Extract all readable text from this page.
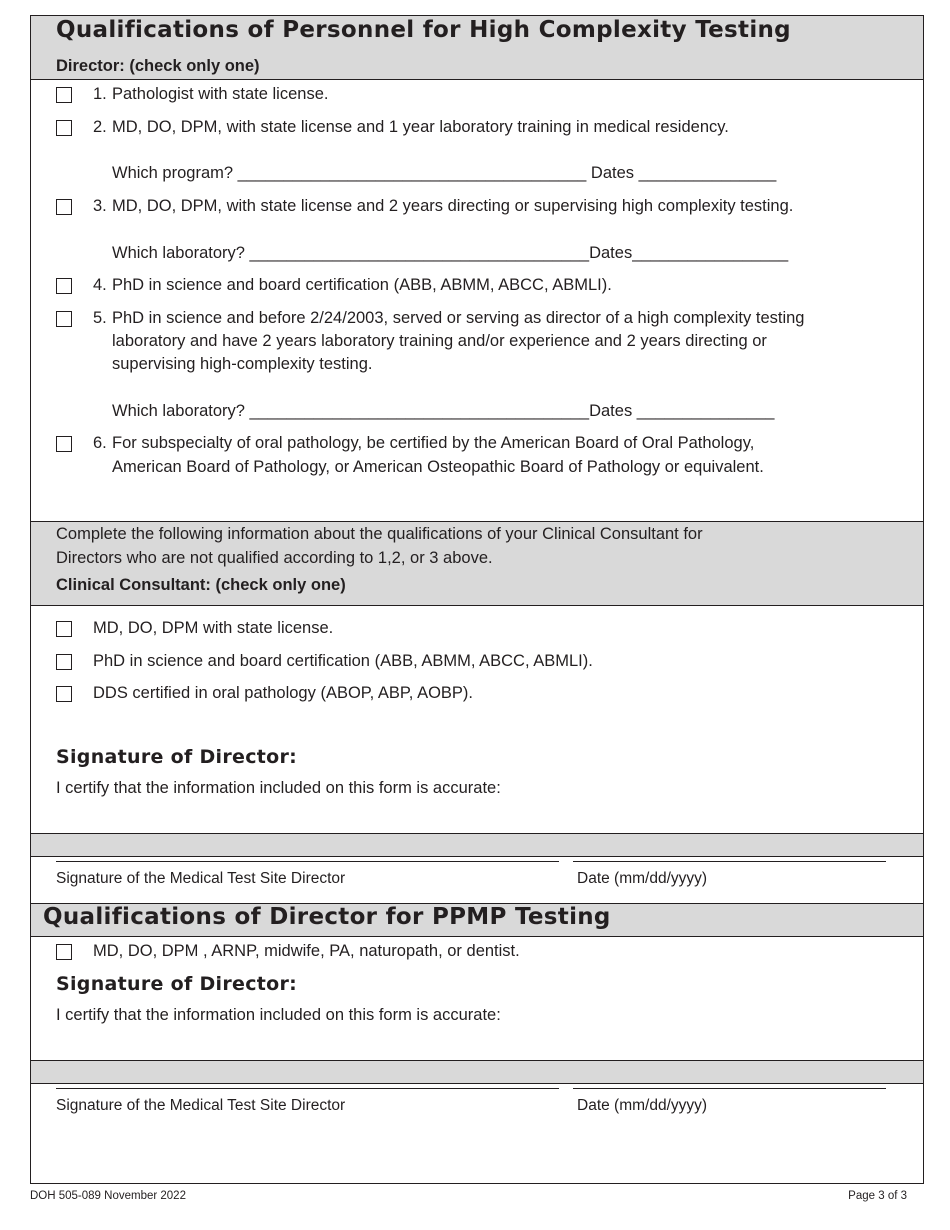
Qualifications of Personnel for High Complexity Testing
Director: (check only one)
1. Pathologist with state license.
2. MD, DO, DPM, with state license and 1 year laboratory training in medical residency.
Which program? ______________________________________ Dates _______________
3. MD, DO, DPM, with state license and 2 years directing or supervising high complexity testing.
Which laboratory? _____________________________________Dates_________________
4. PhD in science and board certification (ABB, ABMM, ABCC, ABMLI).
5. PhD in science and before 2/24/2003, served or serving as director of a high complexity testing
laboratory and have 2 years laboratory training and/or experience and 2 years directing or
supervising high-complexity testing.
Which laboratory? _____________________________________Dates _______________
6. For subspecialty of oral pathology, be certified by the American Board of Oral Pathology,
American Board of Pathology, or American Osteopathic Board of Pathology or equivalent.
Complete the following information about the qualifications of your Clinical Consultant for
Directors who are not qualified according to 1,2, or 3 above.
Clinical Consultant: (check only one)
MD, DO, DPM with state license.
PhD in science and board certification (ABB, ABMM, ABCC, ABMLI).
DDS certified in oral pathology (ABOP, ABP, AOBP).
Signature of Director:
I certify that the information included on this form is accurate:
Signature of the Medical Test Site Director	Date (mm/dd/yyyy)
Qualifications of Director for PPMP Testing
MD, DO, DPM , ARNP, midwife, PA, naturopath, or dentist.
Signature of Director:
I certify that the information included on this form is accurate:
Signature of the Medical Test Site Director	Date (mm/dd/yyyy)
DOH 505-089 November 2022	Page 3 of 3
